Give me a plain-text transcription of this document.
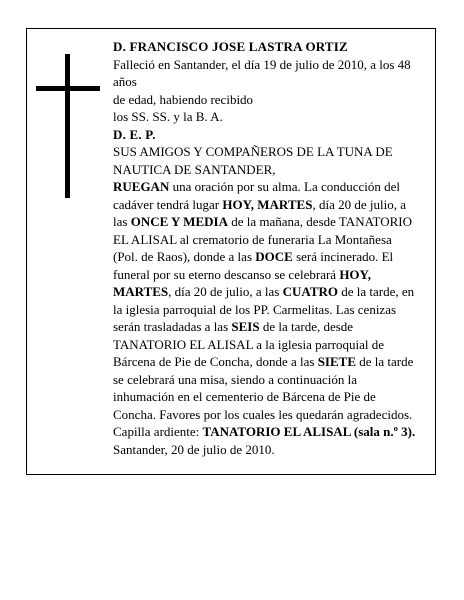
D. FRANCISCO JOSE LASTRA ORTIZ

Falleció en Santander, el día 19 de julio de 2010, a los 48 años

de edad, habiendo recibido

los SS. SS. y la B. A.

D. E. P.

SUS AMIGOS Y COMPAÑEROS DE LA TUNA DE NAUTICA DE SANTANDER,

RUEGAN una oración por su alma. La conducción del cadáver tendrá lugar HOY, MARTES, día 20 de julio, a las ONCE Y MEDIA de la mañana, desde TANATORIO EL ALISAL al crematorio de funeraria La Montañesa (Pol. de Raos), donde a las DOCE será incinerado. El funeral por su eterno descanso se celebrará HOY, MARTES, día 20 de julio, a las CUATRO de la tarde, en la iglesia parroquial de los PP. Carmelitas. Las cenizas serán trasladadas a las SEIS de la tarde, desde TANATORIO EL ALISAL a la iglesia parroquial de Bárcena de Pie de Concha, donde a las SIETE de la tarde se celebrará una misa, siendo a continuación la inhumación en el cementerio de Bárcena de Pie de Concha. Favores por los cuales les quedarán agradecidos. Capilla ardiente: TANATORIO EL ALISAL (sala n.º 3).

Santander, 20 de julio de 2010.
